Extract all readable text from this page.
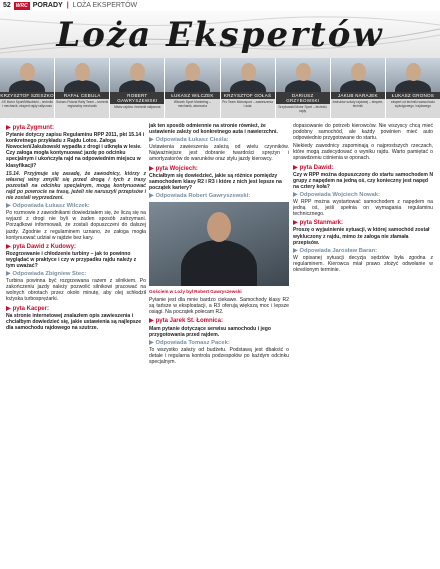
52	WRC PORADY | LOŻA EKSPERTÓW
Loża Ekspertów
KRZYSZTOF SZESZKO
J/S Motor Sport/Mitsubishi – techniki i mechanik, ekspert rajdy rallycross
RAFAŁ CEBULA
Subaru Poland Rally Team – techniki regionalny mechanik
ROBERT GAWRYSZEWSKI
Mistrz rajdów i techniki rallycross
ŁUKASZ WILCZEK
Wilczek Sport Marketing – mechanik, akcesoria
KRZYSZTOF GOŁAŚ
Pro Team Motorsport – zawieszenia i auta
DARIUSZ GRZYBOWSKI
Grzybowski Motor Sport – techniki, rajdy
JAKUB NARAJEK
instruktor szkoły rajdowej – ekspert, technik
ŁUKASZ GRONOS
ekspert od techniki samochodu wyścigowego i rajdowego
▶ pyta Zygmunt:
Pytanie dotyczy zapisu Regulaminu RPP 2011, pkt 15.14 i konkretnego przykładu z Rajdu Lotos. Załoga Nowocień/Jakubowski wypadła z drogi i utknęła w lesie. Czy załoga mogła kontynuować jazdę po odcinku specjalnym i ukończyła rajd na odpowiednim miejscu w klasyfikacji?
15.14. Przyjmuje się zasadę, że zawodnicy, którzy z własnej winy zmylili się przed drogą i tych z trasy pozostali na odcinku specjalnym, mogą kontynuować rajd po powrocie na trasę, jeżeli nie naruszyli przepisów i nie zostali wyprzedzeni.
▶ Odpowiada Łukasz Wilczek:
Po rozmowie z zawodnikami dowiedziałem się, że liczą się na wyjazd z drogi nie byli w żaden sposób zatrzymani. Porządkowi informowali, że zostali dopuszczeni do dalszej jazdy. Zgodnie z regulaminem uznano, że załoga mogła kontynuować udział w rajdzie bez kary.
▶ pyta Dawid z Kudowy:
Rozgrzewanie i chłodzenie turbiny – jak to powinno wyglądać w praktyce i czy w przypadku rajdu należy z tym uważać?
▶ Odpowiada Zbigniew Stec:
Turbina powinna być rozgrzewana razem z silnikiem. Po zakończeniu jazdy należy pozwolić silnikowi pracować na wolnych obrotach przez około minutę, aby olej schłodził łożyska turbosprężarki.
▶ pyta Kacper:
Na stronie internetowej znalazłem opis zawieszenia i chciałbym dowiedzieć się, jakie ustawienia są najlepsze dla samochodu rajdowego na szutrze.
jak ten sposób odmiennie na stronie również, że ustawienie zależy od konkretnego auta i nawierzchni.
▶ Odpowiada Łukasz Cieśla:
Ustawienia zawieszenia zależą od wielu czynników. Najważniejsze jest dobranie twardości sprężyn i amortyzatorów do warunków oraz stylu jazdy kierowcy.
▶ pyta Wojciech:
Chciałbym się dowiedzieć, jakie są różnice pomiędzy samochodem klasy R2 i R3 i które z nich jest lepsze na początek kariery?
▶ Odpowiada Robert Gawryszewski:
Gościem w Loży był Robert Gawryszewski
Pytanie jest dla mnie bardzo ciekawe. Samochody klasy R2 są tańsze w eksploatacji, a R3 oferują większą moc i lepsze osiągi. Na początek polecam R2.
▶ pyta Jarek St. Łomnica:
Mam pytanie dotyczące serwisu samochodu i jego przygotowania przed rajdem.
▶ Odpowiada Tomasz Pacek:
To wszystko zależy od budżetu. Podstawą jest dbałość o detale i regularna kontrola podzespołów po każdym odcinku specjalnym.
dopasowanie do potrzeb kierowców. Nie wszyscy chcą mieć podobny samochód, ale każdy powinien mieć auto odpowiednio przygotowane do startu.
Niekiedy zawodnicy zapominają o najprostszych rzeczach, które mogą zadecydować o wyniku rajdu. Warto pamiętać o sprawdzeniu ciśnienia w oponach.
▶ pyta Dawid:
Czy w RPP można dopuszczony do startu samochodem N grupy z napędem na jedną oś, czy konieczny jest napęd na cztery koła?
▶ Odpowiada Wojciech Nowak:
W RPP można wystartować samochodem z napędem na jedną oś, jeśli spełnia on wymagania regulaminu technicznego.
▶ pyta Stanmark:
Proszę o wyjaśnienie sytuacji, w której samochód został wykluczony z rajdu, mimo że załoga nie złamała przepisów.
▶ Odpowiada Jarosław Baran:
W opisanej sytuacji decyzja sędziów była zgodna z regulaminem. Kierowca miał prawo złożyć odwołanie w określonym terminie.
